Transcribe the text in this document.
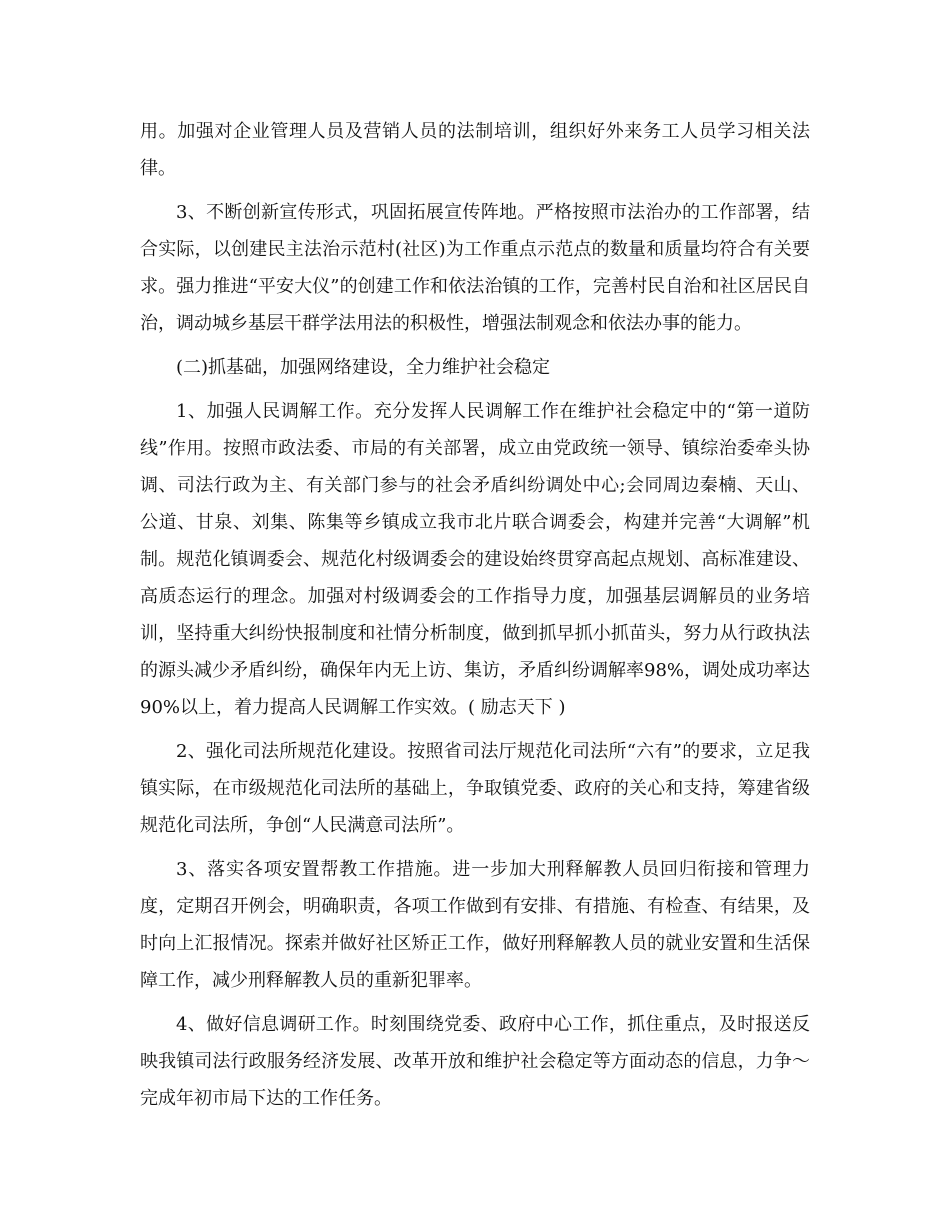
用。加强对企业管理人员及营销人员的法制培训，组织好外来务工人员学习相关法律。

3、不断创新宣传形式，巩固拓展宣传阵地。严格按照市法治办的工作部署，结合实际，以创建民主法治示范村(社区)为工作重点示范点的数量和质量均符合有关要求。强力推进“平安大仪”的创建工作和依法治镇的工作，完善村民自治和社区居民自治，调动城乡基层干群学法用法的积极性，增强法制观念和依法办事的能力。

(二)抓基础，加强网络建设，全力维护社会稳定

1、加强人民调解工作。充分发挥人民调解工作在维护社会稳定中的“第一道防线”作用。按照市政法委、市局的有关部署，成立由党政统一领导、镇综治委牵头协调、司法行政为主、有关部门参与的社会矛盾纠纷调处中心;会同周边秦楠、天山、公道、甘泉、刘集、陈集等乡镇成立我市北片联合调委会，构建并完善“大调解”机制。规范化镇调委会、规范化村级调委会的建设始终贯穿高起点规划、高标准建设、高质态运行的理念。加强对村级调委会的工作指导力度，加强基层调解员的业务培训，坚持重大纠纷快报制度和社情分析制度，做到抓早抓小抓苗头，努力从行政执法的源头减少矛盾纠纷，确保年内无上访、集访，矛盾纠纷调解率98%，调处成功率达90%以上，着力提高人民调解工作实效。( 励志天下 )

2、强化司法所规范化建设。按照省司法厅规范化司法所“六有”的要求，立足我镇实际，在市级规范化司法所的基础上，争取镇党委、政府的关心和支持，筹建省级规范化司法所，争创“人民满意司法所”。

3、落实各项安置帮教工作措施。进一步加大刑释解教人员回归衔接和管理力度，定期召开例会，明确职责，各项工作做到有安排、有措施、有检查、有结果，及时向上汇报情况。探索并做好社区矫正工作，做好刑释解教人员的就业安置和生活保障工作，减少刑释解教人员的重新犯罪率。

4、做好信息调研工作。时刻围绕党委、政府中心工作，抓住重点，及时报送反映我镇司法行政服务经济发展、改革开放和维护社会稳定等方面动态的信息，力争～完成年初市局下达的工作任务。
